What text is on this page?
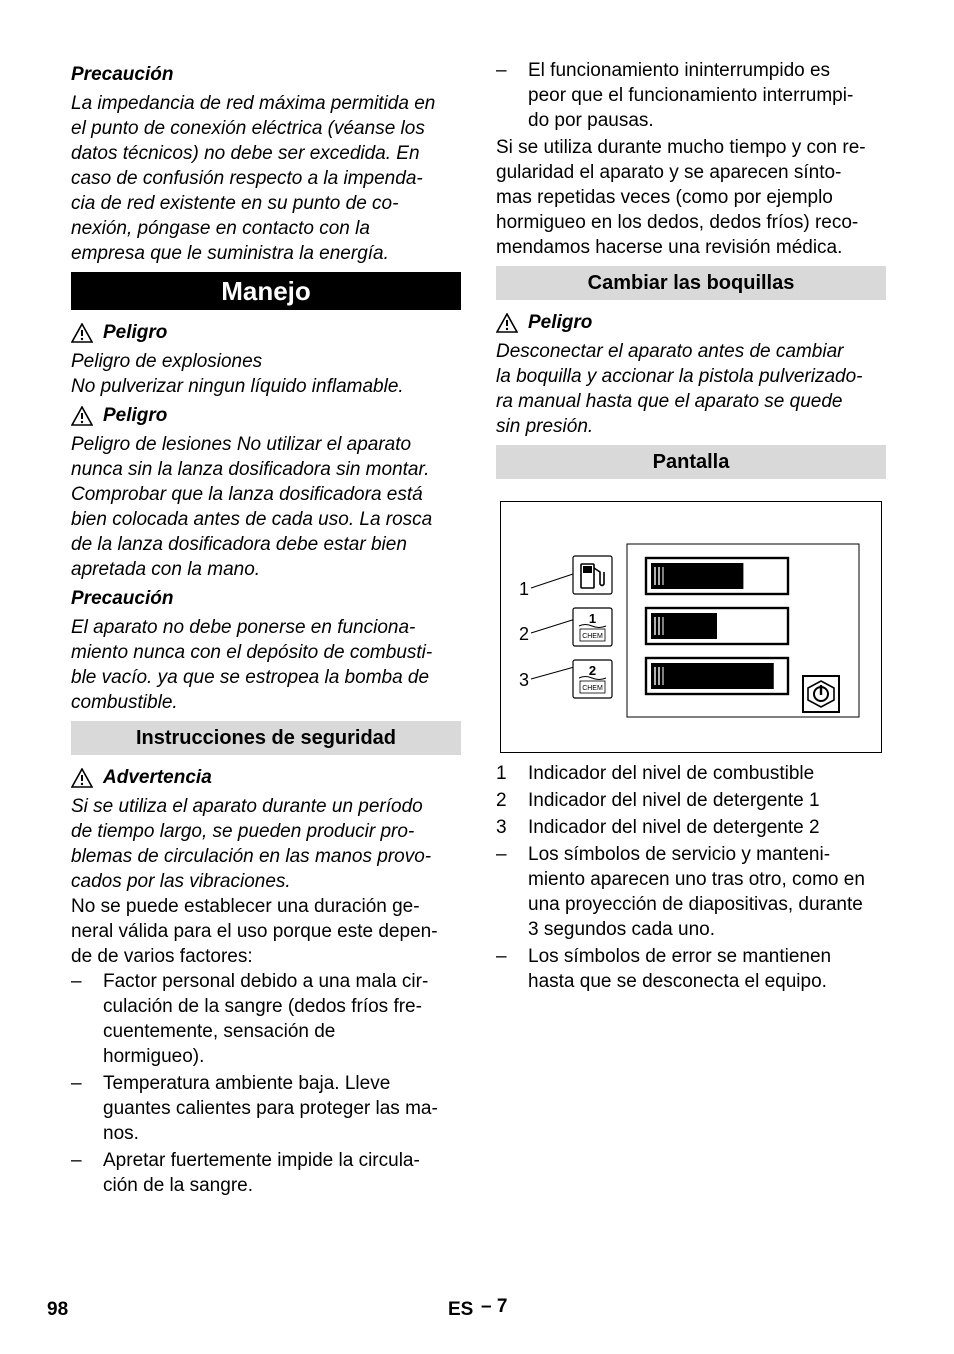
Precaución

La impedancia de red máxima permitida en

el punto de conexión eléctrica (véanse los

datos técnicos) no debe ser excedida. En

caso de confusión respecto a la impenda-

cia de red existente en su punto de co-

nexión, póngase en contacto con la

empresa que le suministra la energía.

Manejo
Peligro

Peligro de explosiones

No pulverizar ningun líquido inflamable.

Peligro

Peligro de lesiones No utilizar el aparato

nunca sin la lanza dosificadora sin montar.

Comprobar que la lanza dosificadora está

bien colocada antes de cada uso. La rosca

de la lanza dosificadora debe estar bien

apretada con la mano.

Precaución

El aparato no debe ponerse en funciona-

miento nunca con el depósito de combusti-

ble vacío. ya que se estropea la bomba de

combustible.

Instrucciones de seguridad
Advertencia

Si se utiliza el aparato durante un período

de tiempo largo, se pueden producir pro-

blemas de circulación en las manos provo-

cados por las vibraciones.

No se puede establecer una duración ge-

neral válida para el uso porque este depen-

de de varios factores:

– Factor personal debido a una mala cir-

culación de la sangre (dedos fríos fre-

cuentemente, sensación de

hormigueo).

– Temperatura ambiente baja. Lleve

guantes calientes para proteger las ma-

nos.

– Apretar fuertemente impide la circula-

ción de la sangre.

– El funcionamiento ininterrumpido es

peor que el funcionamiento interrumpi-

do por pausas.

Si se utiliza durante mucho tiempo y con re-

gularidad el aparato y se aparecen sínto-

mas repetidas veces (como por ejemplo

hormigueo en los dedos, dedos fríos) reco-

mendamos hacerse una revisión médica.

Cambiar las boquillas
Peligro

Desconectar el aparato antes de cambiar

la boquilla y accionar la pistola pulverizado-

ra manual hasta que el aparato se quede

sin presión.

Pantalla
1
2
3
1
CHEM
2
CHEM
1 Indicador del nivel de combustible
2 Indicador del nivel de detergente 1
3 Indicador del nivel de detergente 2
– Los símbolos de servicio y manteni-

miento aparecen uno tras otro, como en

una proyección de diapositivas, durante

3 segundos cada uno.

– Los símbolos de error se mantienen

hasta que se desconecta el equipo.

98	ES – 7
